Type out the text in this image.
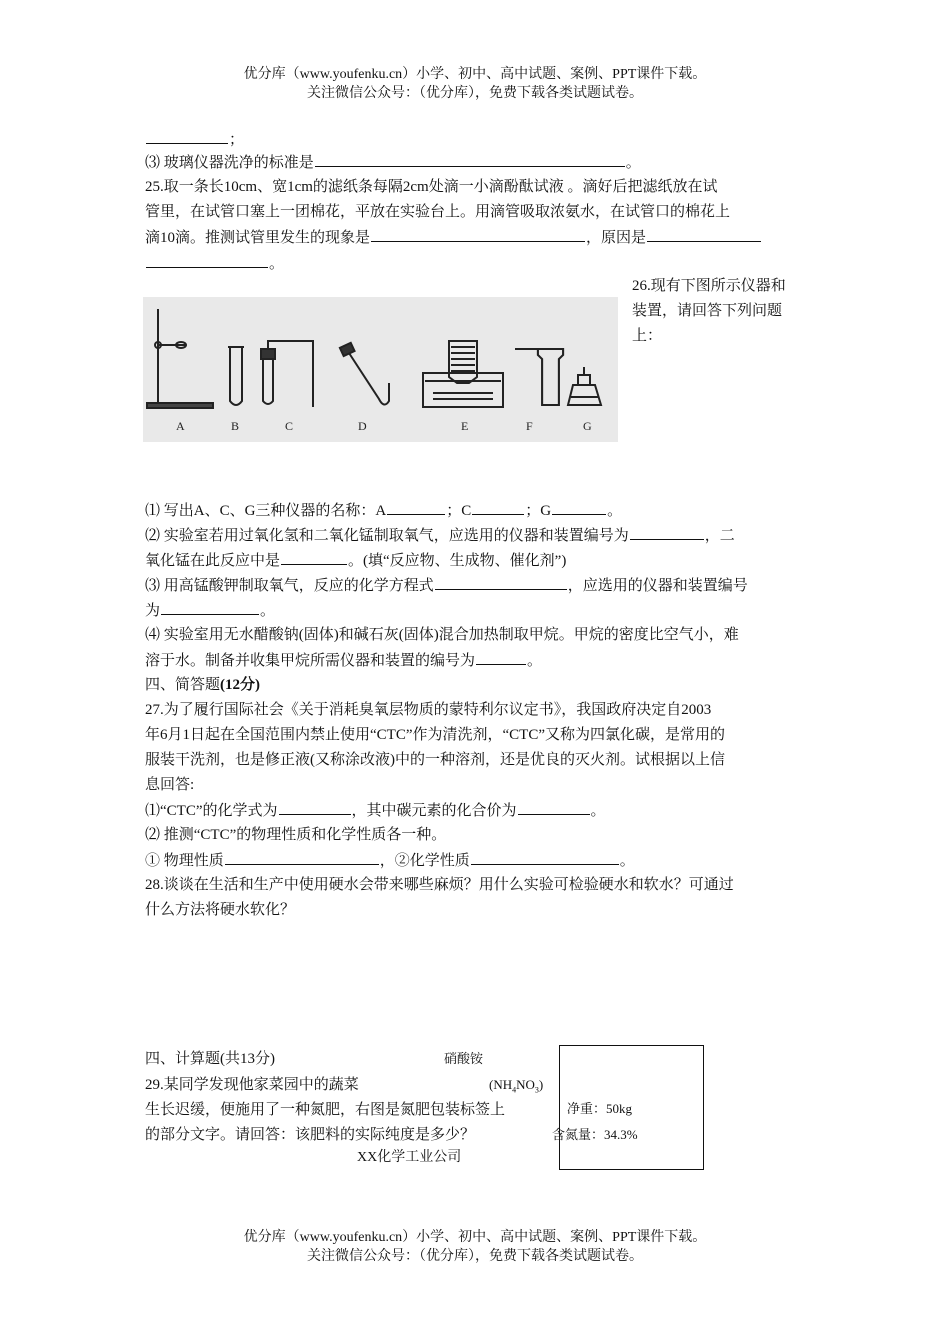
优分库（www.youfenku.cn）小学、初中、高中试题、案例、PPT课件下载。
关注微信公众号：（优分库），免费下载各类试题试卷。
；
⑶ 玻璃仪器洗净的标准是	。
25.取一条长10cm、宽1cm的滤纸条每隔2cm处滴一小滴酚酞试液 。滴好后把滤纸放在试
管里，在试管口塞上一团棉花，平放在实验台上。用滴管吸取浓氨水，在试管口的棉花上
滴10滴。推测试管里发生的现象是	，原因是
。
26.现有下图所示仪器和
装置，请回答下列问题
上：
A	B	C	D	E	F	G
⑴ 写出A、C、G三种仪器的名称：A	；C	；G	。
⑵ 实验室若用过氧化氢和二氧化锰制取氧气，应选用的仪器和装置编号为	，二
氧化锰在此反应中是	。(填“反应物、生成物、催化剂”)
⑶ 用高锰酸钾制取氧气，反应的化学方程式	，应选用的仪器和装置编号
为	。
⑷ 实验室用无水醋酸钠(固体)和碱石灰(固体)混合加热制取甲烷。甲烷的密度比空气小，难
溶于水。制备并收集甲烷所需仪器和装置的编号为	。
四、简答题(12分)
27.为了履行国际社会《关于消耗臭氧层物质的蒙特利尔议定书》，我国政府决定自2003
年6月1日起在全国范围内禁止使用“CTC”作为清洗剂，“CTC”又称为四氯化碳，是常用的
服装干洗剂，也是修正液(又称涂改液)中的一种溶剂，还是优良的灭火剂。试根据以上信
息回答:
⑴“CTC”的化学式为	，其中碳元素的化合价为	。
⑵ 推测“CTC”的物理性质和化学性质各一种。
① 物理性质	，②化学性质	。
28.谈谈在生活和生产中使用硬水会带来哪些麻烦？用什么实验可检验硬水和软水？可通过
什么方法将硬水软化？
四、计算题(共13分)
29.某同学发现他家菜园中的蔬菜
生长迟缓，便施用了一种氮肥，右图是氮肥包装标签上
的部分文字。请回答：该肥料的实际纯度是多少？
硝酸铵
$(NH_4NO_3)$
净重：50kg
含氮量：34.3%
XX化学工业公司
优分库（www.youfenku.cn）小学、初中、高中试题、案例、PPT课件下载。
关注微信公众号：（优分库），免费下载各类试题试卷。
